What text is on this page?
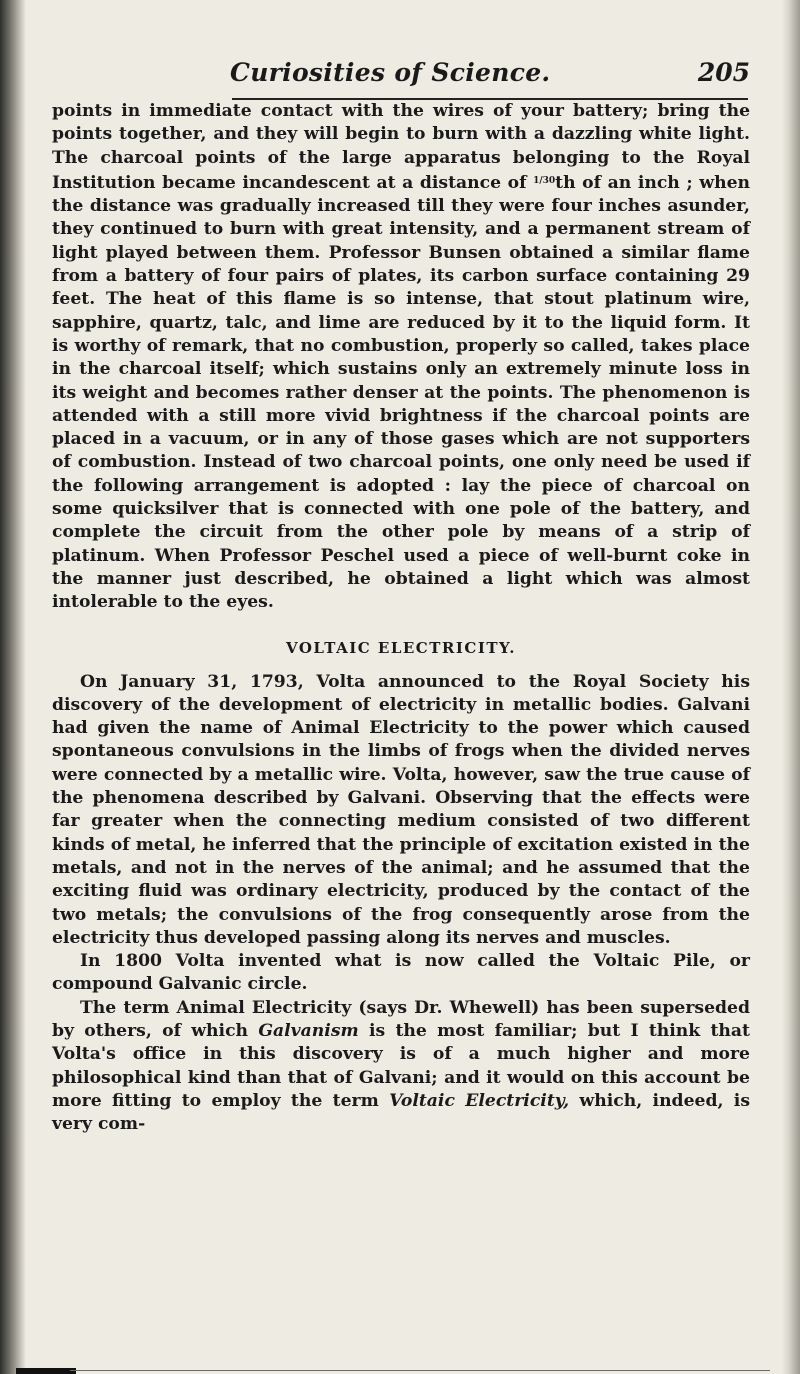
Curiosities of Science.	205

points in immediate contact with the wires of your battery; bring the points together, and they will begin to burn with a dazzling white light. The charcoal points of the large apparatus belonging to the Royal Institution became incandescent at a distance of $^{1/30}$th of an inch ; when the distance was gradually increased till they were four inches asunder, they continued to burn with great intensity, and a permanent stream of light played between them. Professor Bunsen obtained a similar flame from a battery of four pairs of plates, its carbon surface containing 29 feet. The heat of this flame is so intense, that stout platinum wire, sapphire, quartz, talc, and lime are reduced by it to the liquid form. It is worthy of remark, that no combustion, properly so called, takes place in the charcoal itself; which sustains only an extremely minute loss in its weight and becomes rather denser at the points. The phenomenon is attended with a still more vivid brightness if the charcoal points are placed in a vacuum, or in any of those gases which are not supporters of combustion. Instead of two charcoal points, one only need be used if the following arrangement is adopted : lay the piece of charcoal on some quicksilver that is connected with one pole of the battery, and complete the circuit from the other pole by means of a strip of platinum. When Professor Peschel used a piece of well-burnt coke in the manner just described, he obtained a light which was almost intolerable to the eyes.

VOLTAIC ELECTRICITY.

On January 31, 1793, Volta announced to the Royal Society his discovery of the development of electricity in metallic bodies. Galvani had given the name of Animal Electricity to the power which caused spontaneous convulsions in the limbs of frogs when the divided nerves were connected by a metallic wire. Volta, however, saw the true cause of the phenomena described by Galvani. Observing that the effects were far greater when the connecting medium consisted of two different kinds of metal, he inferred that the principle of excitation existed in the metals, and not in the nerves of the animal; and he assumed that the exciting fluid was ordinary electricity, produced by the contact of the two metals; the convulsions of the frog consequently arose from the electricity thus developed passing along its nerves and muscles.

In 1800 Volta invented what is now called the Voltaic Pile, or compound Galvanic circle.

The term Animal Electricity (says Dr. Whewell) has been superseded by others, of which Galvanism is the most familiar; but I think that Volta's office in this discovery is of a much higher and more philosophical kind than that of Galvani; and it would on this account be more fitting to employ the term Voltaic Electricity, which, indeed, is very com-
